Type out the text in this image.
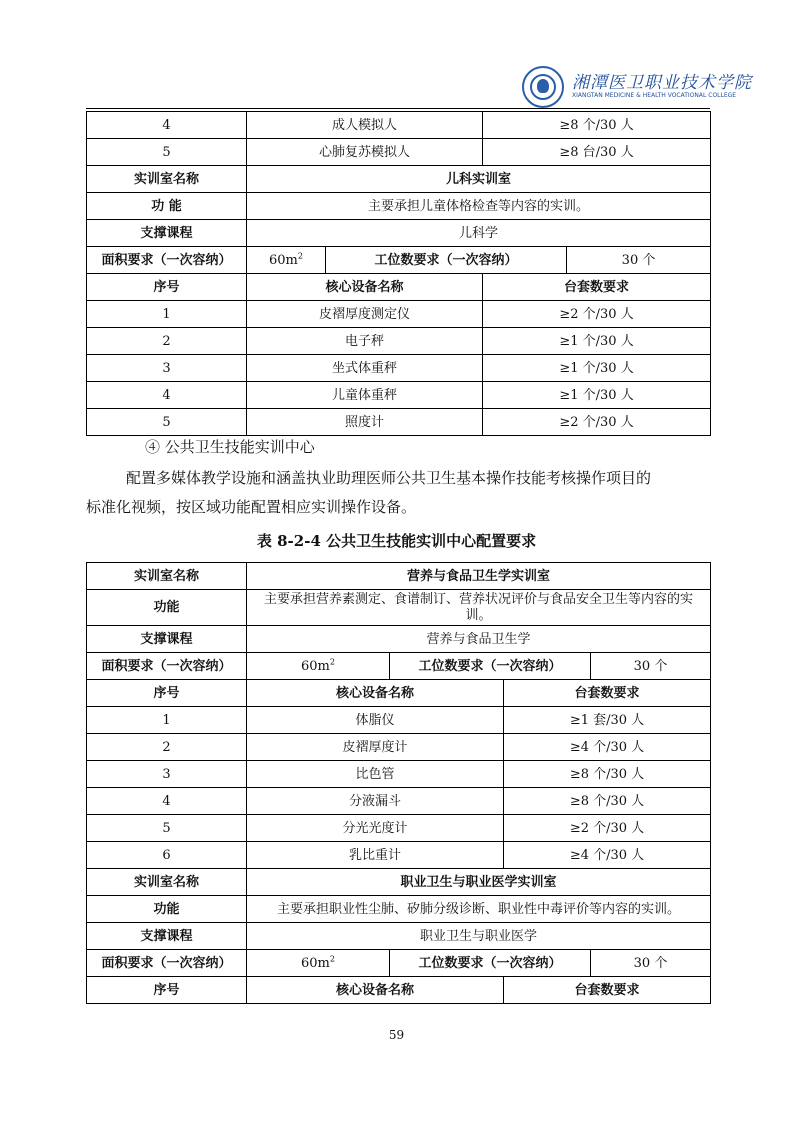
湘潭医卫职业技术学院
XIANGTAN MEDICINE & HEALTH VOCATIONAL COLLEGE
4	成人模拟人		≥8 个/30 人	
5	心肺复苏模拟人		≥8 台/30 人	
实训室名称	儿科实训室			
功 能	主要承担儿童体格检查等内容的实训。			
支撑课程	儿科学			
面积要求（一次容纳）	$60m^2$	工位数要求（一次容纳）		30 个
序号	核心设备名称		台套数要求	
1	皮褶厚度测定仪		≥2 个/30 人	
2	电子秤		≥1 个/30 人	
3	坐式体重秤		≥1 个/30 人	
4	儿童体重秤		≥1 个/30 人	
5	照度计		≥2 个/30 人	
④ 公共卫生技能实训中心
配置多媒体教学设施和涵盖执业助理医师公共卫生基本操作技能考核操作项目的
标准化视频，按区域功能配置相应实训操作设备。
表 8-2-4 公共卫生技能实训中心配置要求
实训室名称	营养与食品卫生学实训室			
功能	主要承担营养素测定、食谱制订、营养状况评价与食品安全卫生等内容的实训。			
支撑课程	营养与食品卫生学			
面积要求（一次容纳）	$60m^2$	工位数要求（一次容纳）		30 个
序号	核心设备名称		台套数要求	
1	体脂仪		≥1 套/30 人	
2	皮褶厚度计		≥4 个/30 人	
3	比色管		≥8 个/30 人	
4	分液漏斗		≥8 个/30 人	
5	分光光度计		≥2 个/30 人	
6	乳比重计		≥4 个/30 人	
实训室名称	职业卫生与职业医学实训室			
功能	主要承担职业性尘肺、矽肺分级诊断、职业性中毒评价等内容的实训。			
支撑课程	职业卫生与职业医学			
面积要求（一次容纳）	$60m^2$	工位数要求（一次容纳）		30 个
序号	核心设备名称		台套数要求	
59
